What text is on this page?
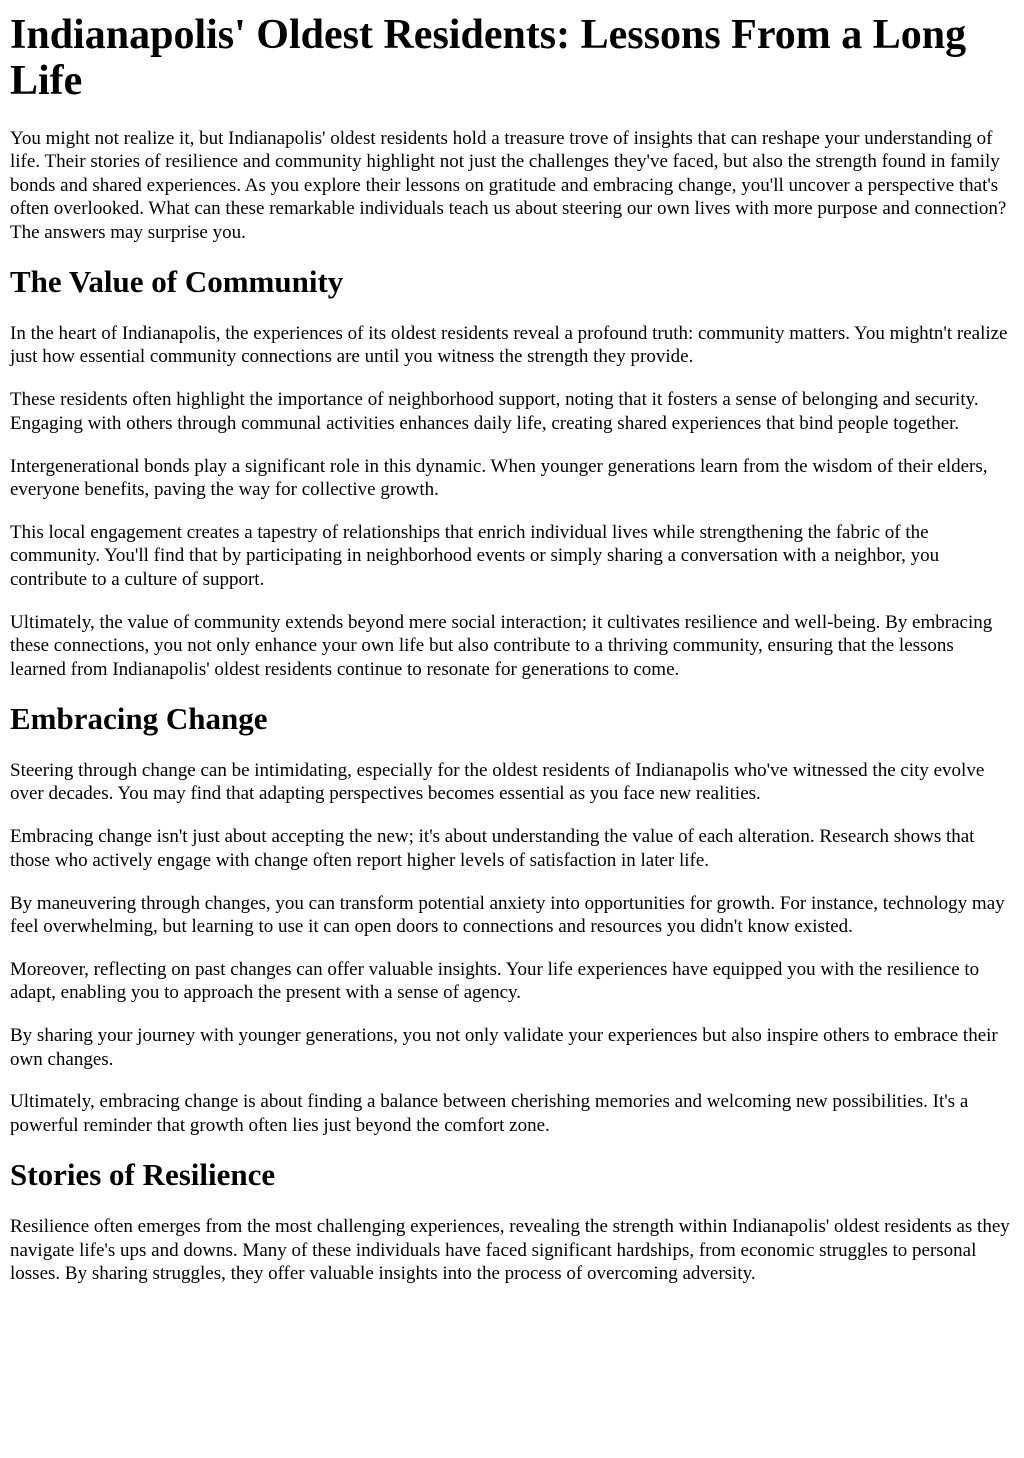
Indianapolis' Oldest Residents: Lessons From a Long Life

You might not realize it, but Indianapolis' oldest residents hold a treasure trove of insights that can reshape your understanding of life. Their stories of resilience and community highlight not just the challenges they've faced, but also the strength found in family bonds and shared experiences. As you explore their lessons on gratitude and embracing change, you'll uncover a perspective that's often overlooked. What can these remarkable individuals teach us about steering our own lives with more purpose and connection? The answers may surprise you.

The Value of Community

In the heart of Indianapolis, the experiences of its oldest residents reveal a profound truth: community matters. You mightn't realize just how essential community connections are until you witness the strength they provide.

These residents often highlight the importance of neighborhood support, noting that it fosters a sense of belonging and security. Engaging with others through communal activities enhances daily life, creating shared experiences that bind people together.

Intergenerational bonds play a significant role in this dynamic. When younger generations learn from the wisdom of their elders, everyone benefits, paving the way for collective growth.

This local engagement creates a tapestry of relationships that enrich individual lives while strengthening the fabric of the community. You'll find that by participating in neighborhood events or simply sharing a conversation with a neighbor, you contribute to a culture of support.

Ultimately, the value of community extends beyond mere social interaction; it cultivates resilience and well-being. By embracing these connections, you not only enhance your own life but also contribute to a thriving community, ensuring that the lessons learned from Indianapolis' oldest residents continue to resonate for generations to come.

Embracing Change

Steering through change can be intimidating, especially for the oldest residents of Indianapolis who've witnessed the city evolve over decades. You may find that adapting perspectives becomes essential as you face new realities.

Embracing change isn't just about accepting the new; it's about understanding the value of each alteration. Research shows that those who actively engage with change often report higher levels of satisfaction in later life.

By maneuvering through changes, you can transform potential anxiety into opportunities for growth. For instance, technology may feel overwhelming, but learning to use it can open doors to connections and resources you didn't know existed.

Moreover, reflecting on past changes can offer valuable insights. Your life experiences have equipped you with the resilience to adapt, enabling you to approach the present with a sense of agency.

By sharing your journey with younger generations, you not only validate your experiences but also inspire others to embrace their own changes.

Ultimately, embracing change is about finding a balance between cherishing memories and welcoming new possibilities. It's a powerful reminder that growth often lies just beyond the comfort zone.

Stories of Resilience

Resilience often emerges from the most challenging experiences, revealing the strength within Indianapolis' oldest residents as they navigate life's ups and downs. Many of these individuals have faced significant hardships, from economic struggles to personal losses. By sharing struggles, they offer valuable insights into the process of overcoming adversity.
